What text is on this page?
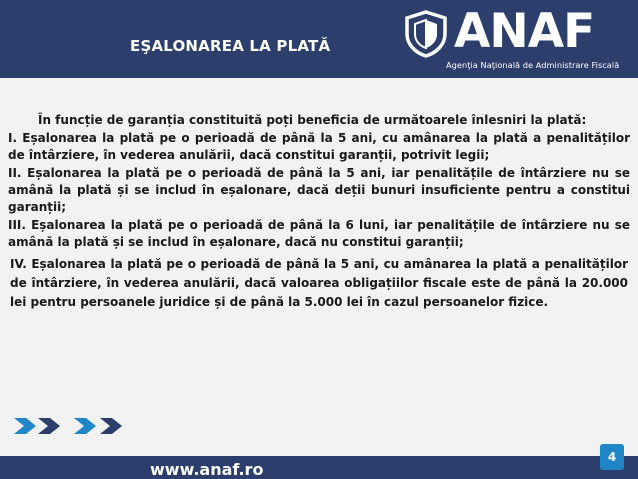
EŞALONAREA LA PLATĂ	ANAF
Agenţia Naţională de Administrare Fiscală
În funcție de garanția constituită poți beneficia de următoarele înlesniri la plată:
I. Eșalonarea la plată pe o perioadă de până la 5 ani, cu amânarea la plată a penalităților de întârziere, în vederea anulării, dacă constitui garanții, potrivit legii;
II. Eșalonarea la plată pe o perioadă de până la 5 ani, iar penalitățile de întârziere nu se amână la plată și se includ în eșalonare, dacă deții bunuri insuficiente pentru a constitui garanții;
III. Eșalonarea la plată pe o perioadă de până la 6 luni, iar penalitățile de întârziere nu se amână la plată și se includ în eșalonare, dacă nu constitui garanții;
IV. Eșalonarea la plată pe o perioadă de până la 5 ani, cu amânarea la plată a penalităților de întârziere, în vederea anulării, dacă valoarea obligațiilor fiscale este de până la 20.000 lei pentru persoanele juridice și de până la 5.000 lei în cazul persoanelor fizice.
www.anaf.ro
4
